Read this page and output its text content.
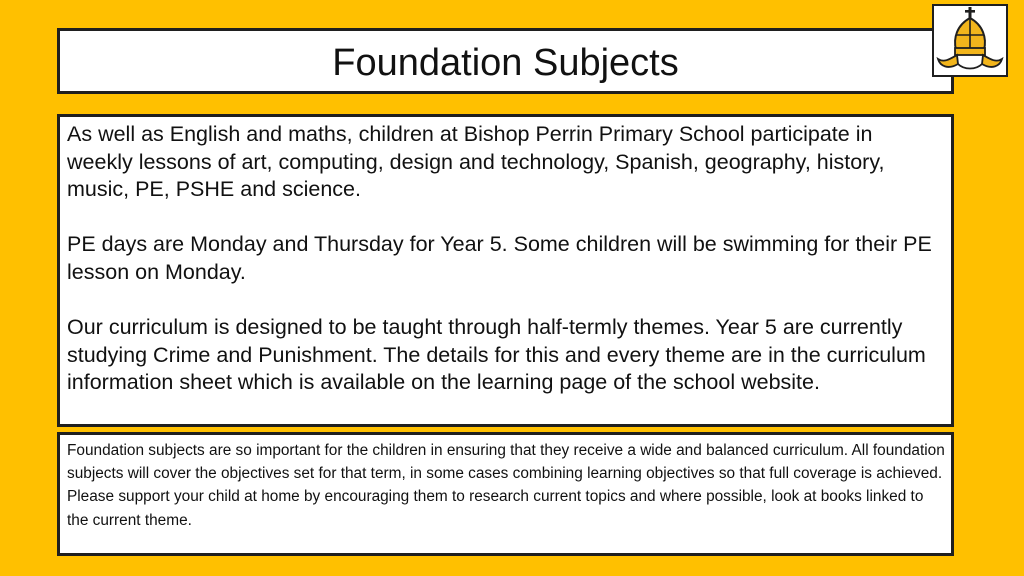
Foundation Subjects

As well as English and maths, children at Bishop Perrin Primary School participate in weekly lessons of art, computing, design and technology, Spanish, geography, history, music, PE, PSHE and science.

PE days are Monday and Thursday for Year 5. Some children will be swimming for their PE lesson on Monday.

Our curriculum is designed to be taught through half-termly themes. Year 5 are currently studying Crime and Punishment. The details for this and every theme are in the curriculum information sheet which is available on the learning page of the school website.

Foundation subjects are so important for the children in ensuring that they receive a wide and balanced curriculum. All foundation subjects will cover the objectives set for that term, in some cases combining learning objectives so that full coverage is achieved.

Please support your child at home by encouraging them to research current topics and where possible, look at books linked to the current theme.
